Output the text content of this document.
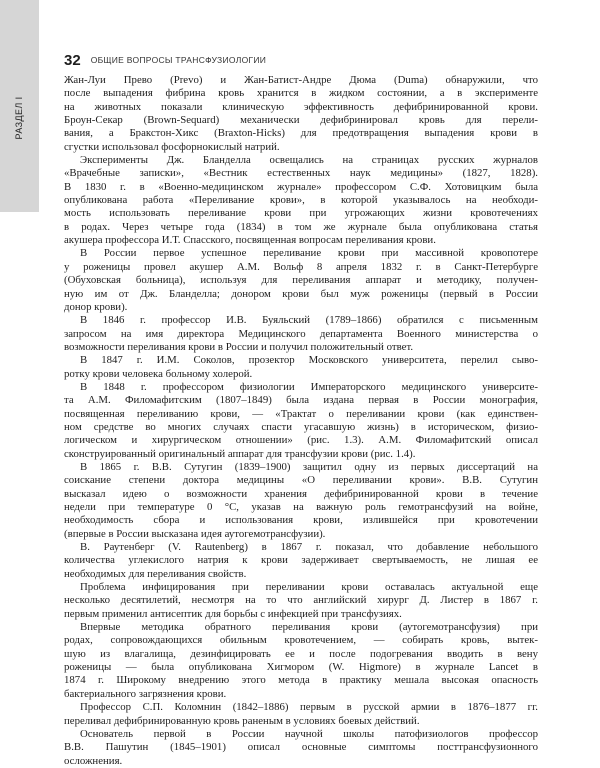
РАЗДЕЛ I
32 ОБЩИЕ ВОПРОСЫ ТРАНСФУЗИОЛОГИИ

Жан-Луи Прево (Prevo) и Жан-Батист-Андре Дюма (Duma) обнаружили, что
после выпадения фибрина кровь хранится в жидком состоянии, а в эксперименте
на животных показали клиническую эффективность дефибринированной крови.
Броун-Секар (Brown-Sequard) механически дефибринировал кровь для перели-
вания, а Бракстон-Хикс (Braxton-Hicks) для предотвращения выпадения крови в
сгустки использовал фосфорнокислый натрий.

Эксперименты Дж. Бланделла освещались на страницах русских журналов
«Врачебные записки», «Вестник естественных наук медицины» (1827, 1828).
В 1830 г. в «Военно-медицинском журнале» профессором С.Ф. Хотовицким была
опубликована работа «Переливание крови», в которой указывалось на необходи-
мость использовать переливание крови при угрожающих жизни кровотечениях
в родах. Через четыре года (1834) в том же журнале была опубликована статья
акушера профессора И.Т. Спасского, посвященная вопросам переливания крови.

В России первое успешное переливание крови при массивной кровопотере
у роженицы провел акушер А.М. Вольф 8 апреля 1832 г. в Санкт-Петербурге
(Обуховская больница), используя для переливания аппарат и методику, получен-
ную им от Дж. Бланделла; донором крови был муж роженицы (первый в России
донор крови).

В 1846 г. профессор И.В. Буяльский (1789–1866) обратился с письменным
запросом на имя директора Медицинского департамента Военного министерства о
возможности переливания крови в России и получил положительный ответ.

В 1847 г. И.М. Соколов, прозектор Московского университета, перелил сыво-
ротку крови человека больному холерой.

В 1848 г. профессором физиологии Императорского медицинского университе-
та А.М. Филомафитским (1807–1849) была издана первая в России монография,
посвященная переливанию крови, — «Трактат о переливании крови (как единствен-
ном средстве во многих случаях спасти угасавшую жизнь) в историческом, физио-
логическом и хирургическом отношении» (рис. 1.3). А.М. Филомафитский описал
сконструированный оригинальный аппарат для трансфузии крови (рис. 1.4).

В 1865 г. В.В. Сутугин (1839–1900) защитил одну из первых диссертаций на
соискание степени доктора медицины «О переливании крови». В.В. Сутугин
высказал идею о возможности хранения дефибринированной крови в течение
недели при температуре 0 °С, указав на важную роль гемотрансфузий на войне,
необходимость сбора и использования крови, излившейся при кровотечении
(впервые в России высказана идея аутогемотрансфузии).

В. Раутенберг (V. Rautenberg) в 1867 г. показал, что добавление небольшого
количества углекислого натрия к крови задерживает свертываемость, не лишая ее
необходимых для переливания свойств.

Проблема инфицирования при переливании крови оставалась актуальной еще
несколько десятилетий, несмотря на то что английский хирург Д. Листер в 1867 г.
первым применил антисептик для борьбы с инфекцией при трансфузиях.

Впервые методика обратного переливания крови (аутогемотрансфузия) при
родах, сопровождающихся обильным кровотечением, — собирать кровь, вытек-
шую из влагалища, дезинфицировать ее и после подогревания вводить в вену
роженицы — была опубликована Хигмором (W. Higmore) в журнале Lancet в
1874 г. Широкому внедрению этого метода в практику мешала высокая опасность
бактериального загрязнения крови.

Профессор С.П. Коломнин (1842–1886) первым в русской армии в 1876–1877 гг.
переливал дефибринированную кровь раненым в условиях боевых действий.

Основатель первой в России научной школы патофизиологов профессор
В.В. Пашутин (1845–1901) описал основные симптомы посттрансфузионного
осложнения.
